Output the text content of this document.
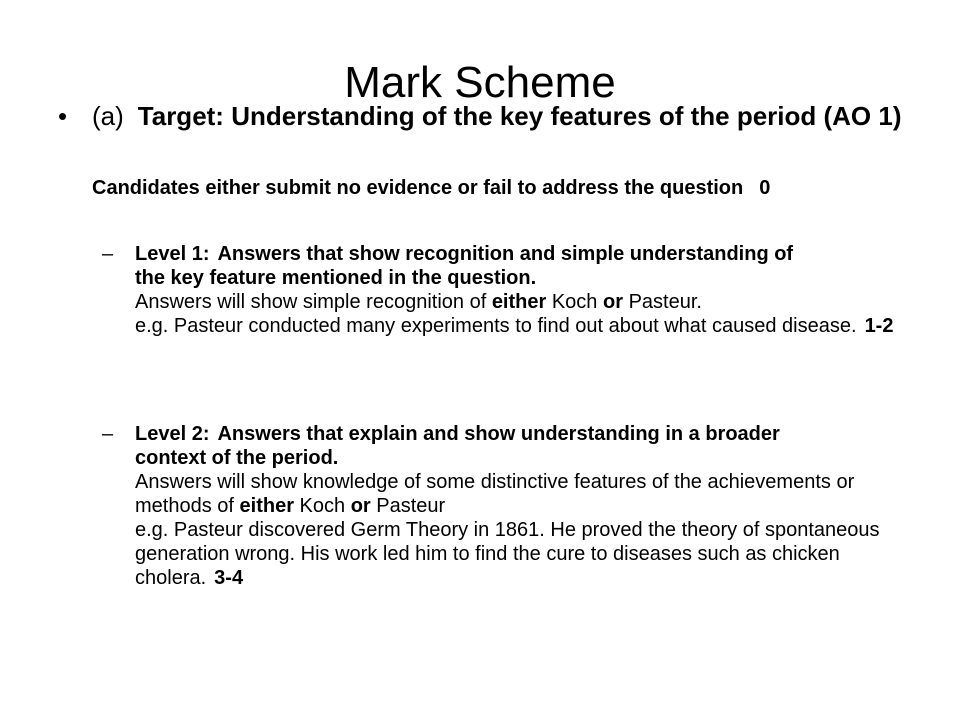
Mark Scheme
• (a) Target: Understanding of the key features of the period (AO 1)
Candidates either submit no evidence or fail to address the question 0
–	Level 1: Answers that show recognition and simple understanding of
the key feature mentioned in the question.
Answers will show simple recognition of either Koch or Pasteur.
e.g. Pasteur conducted many experiments to find out about what caused disease. 1-2
–	Level 2: Answers that explain and show understanding in a broader
context of the period.
Answers will show knowledge of some distinctive features of the achievements or methods of either Koch or Pasteur
e.g. Pasteur discovered Germ Theory in 1861. He proved the theory of spontaneous generation wrong. His work led him to find the cure to diseases such as chicken cholera. 3-4
